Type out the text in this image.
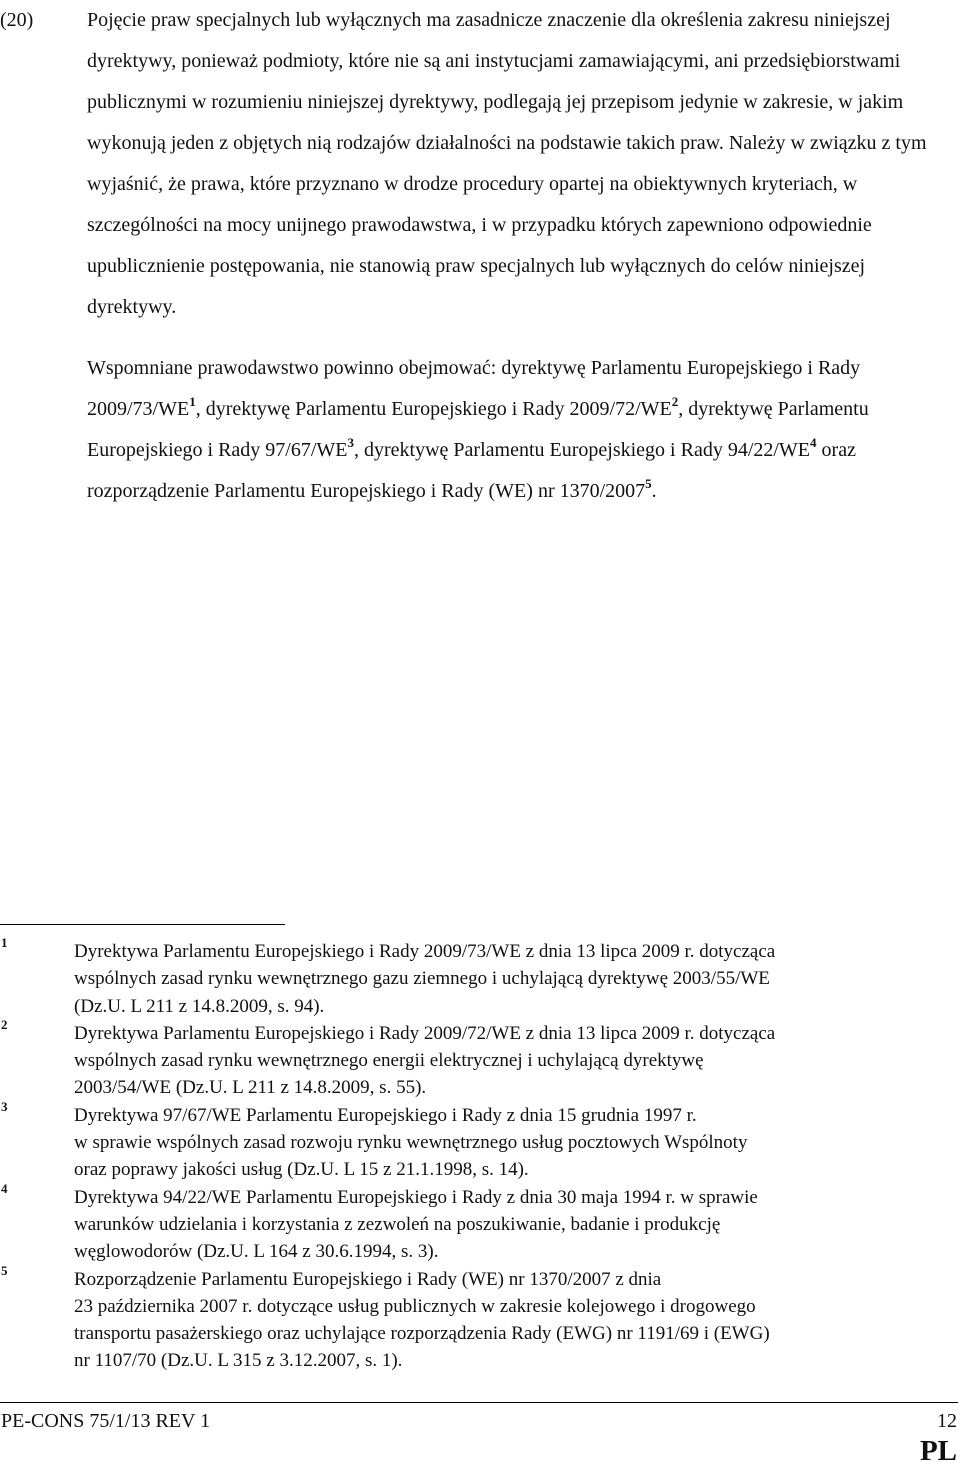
(20)	Pojęcie praw specjalnych lub wyłącznych ma zasadnicze znaczenie dla określenia zakresu niniejszej dyrektywy, ponieważ podmioty, które nie są ani instytucjami zamawiającymi, ani przedsiębiorstwami publicznymi w rozumieniu niniejszej dyrektywy, podlegają jej przepisom jedynie w zakresie, w jakim wykonują jeden z objętych nią rodzajów działalności na podstawie takich praw. Należy w związku z tym wyjaśnić, że prawa, które przyznano w drodze procedury opartej na obiektywnych kryteriach, w szczególności na mocy unijnego prawodawstwa, i w przypadku których zapewniono odpowiednie upublicznienie postępowania, nie stanowią praw specjalnych lub wyłącznych do celów niniejszej dyrektywy.

Wspomniane prawodawstwo powinno obejmować: dyrektywę Parlamentu Europejskiego i Rady $2009/73/WE^1$, dyrektywę Parlamentu Europejskiego i Rady $2009/72/WE^2$, dyrektywę Parlamentu Europejskiego i Rady $97/67/WE^3$, dyrektywę Parlamentu Europejskiego i Rady $94/22/WE^4$ oraz rozporządzenie Parlamentu Europejskiego i Rady (WE) nr 1370/2007$^5$.

1	Dyrektywa Parlamentu Europejskiego i Rady 2009/73/WE z dnia 13 lipca 2009 r. dotycząca
wspólnych zasad rynku wewnętrznego gazu ziemnego i uchylającą dyrektywę 2003/55/WE
(Dz.U. L 211 z 14.8.2009, s. 94).
2	Dyrektywa Parlamentu Europejskiego i Rady 2009/72/WE z dnia 13 lipca 2009 r. dotycząca
wspólnych zasad rynku wewnętrznego energii elektrycznej i uchylającą dyrektywę
2003/54/WE (Dz.U. L 211 z 14.8.2009, s. 55).
3	Dyrektywa 97/67/WE Parlamentu Europejskiego i Rady z dnia 15 grudnia 1997 r.
w sprawie wspólnych zasad rozwoju rynku wewnętrznego usług pocztowych Wspólnoty
oraz poprawy jakości usług (Dz.U. L 15 z 21.1.1998, s. 14).
4	Dyrektywa 94/22/WE Parlamentu Europejskiego i Rady z dnia 30 maja 1994 r. w sprawie
warunków udzielania i korzystania z zezwoleń na poszukiwanie, badanie i produkcję
węglowodorów (Dz.U. L 164 z 30.6.1994, s. 3).
5	Rozporządzenie Parlamentu Europejskiego i Rady (WE) nr 1370/2007 z dnia
23 października 2007 r. dotyczące usług publicznych w zakresie kolejowego i drogowego
transportu pasażerskiego oraz uchylające rozporządzenia Rady (EWG) nr 1191/69 i (EWG)
nr 1107/70 (Dz.U. L 315 z 3.12.2007, s. 1).
PE-CONS 75/1/13 REV 1	12
PL
